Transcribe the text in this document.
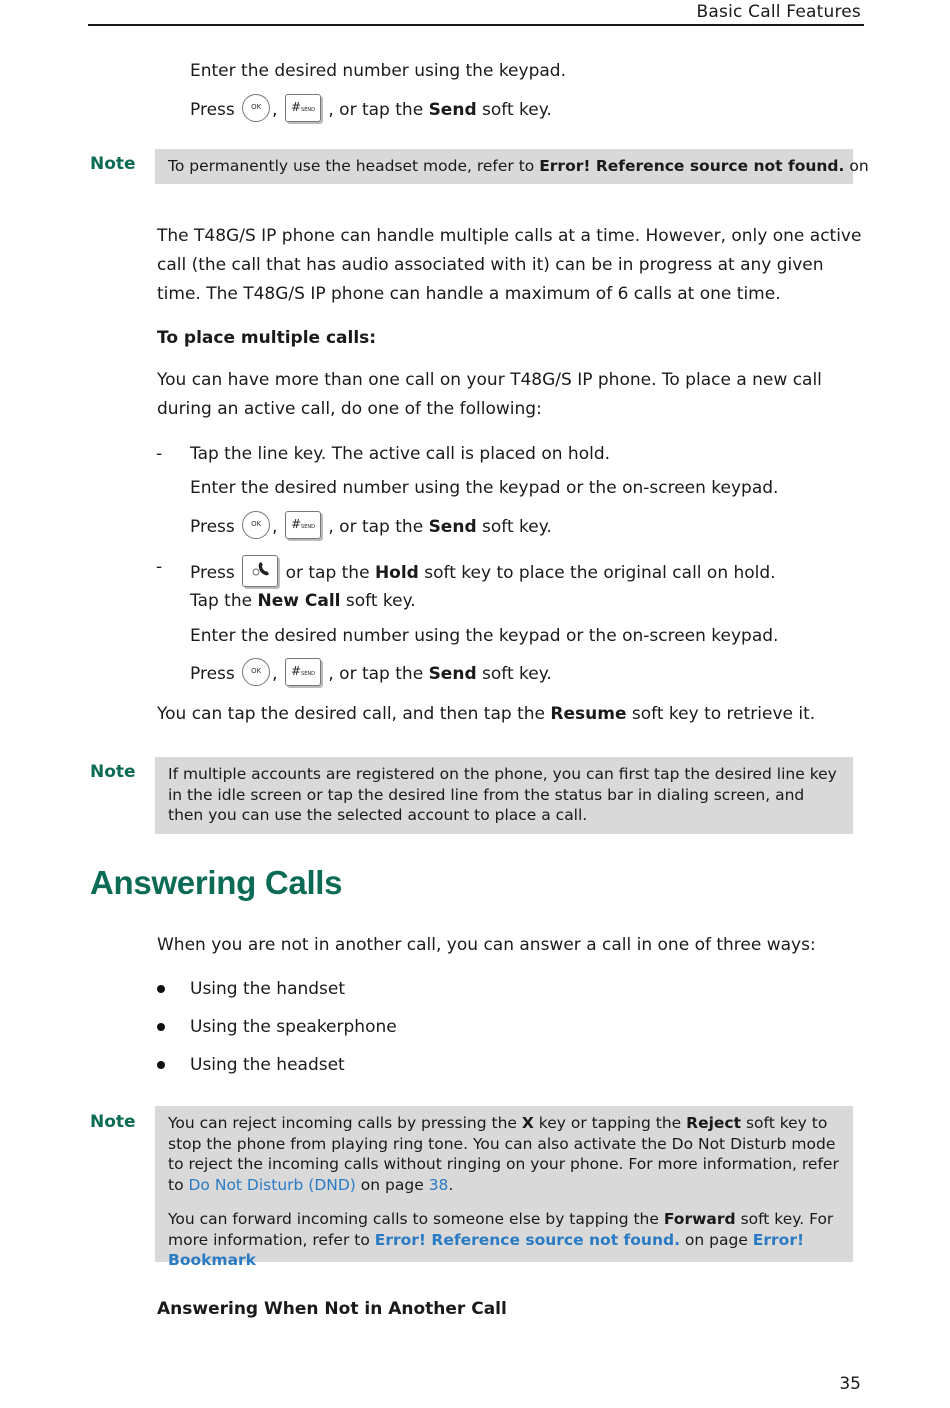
Basic Call Features
Enter the desired number using the keypad.
Press OK , #SEND , or tap the Send soft key.
Note	To permanently use the headset mode, refer to Error! Reference source not found. on
The T48G/S IP phone can handle multiple calls at a time. However, only one active call (the call that has audio associated with it) can be in progress at any given time. The T48G/S IP phone can handle a maximum of 6 calls at one time.
To place multiple calls:
You can have more than one call on your T48G/S IP phone. To place a new call during an active call, do one of the following:
- Tap the line key. The active call is placed on hold.
Enter the desired number using the keypad or the on-screen keypad.
Press OK , #SEND , or tap the Send soft key.
- Press	or tap the Hold soft key to place the original call on hold.
Tap the New Call soft key.
Enter the desired number using the keypad or the on-screen keypad.
Press OK , #SEND , or tap the Send soft key.
You can tap the desired call, and then tap the Resume soft key to retrieve it.
Note If multiple accounts are registered on the phone, you can first tap the desired line key in the idle screen or tap the desired line from the status bar in dialing screen, and then you can use the selected account to place a call.

Answering Calls
When you are not in another call, you can answer a call in one of three ways:
Using the handset
Using the speakerphone
Using the headset
Note You can reject incoming calls by pressing the X key or tapping the Reject soft key to stop the phone from playing ring tone. You can also activate the Do Not Disturb mode to reject the incoming calls without ringing on your phone. For more information, refer to Do Not Disturb (DND) on page 38.

You can forward incoming calls to someone else by tapping the Forward soft key. For more information, refer to Error! Reference source not found. on page Error! Bookmark

Answering When Not in Another Call
35
